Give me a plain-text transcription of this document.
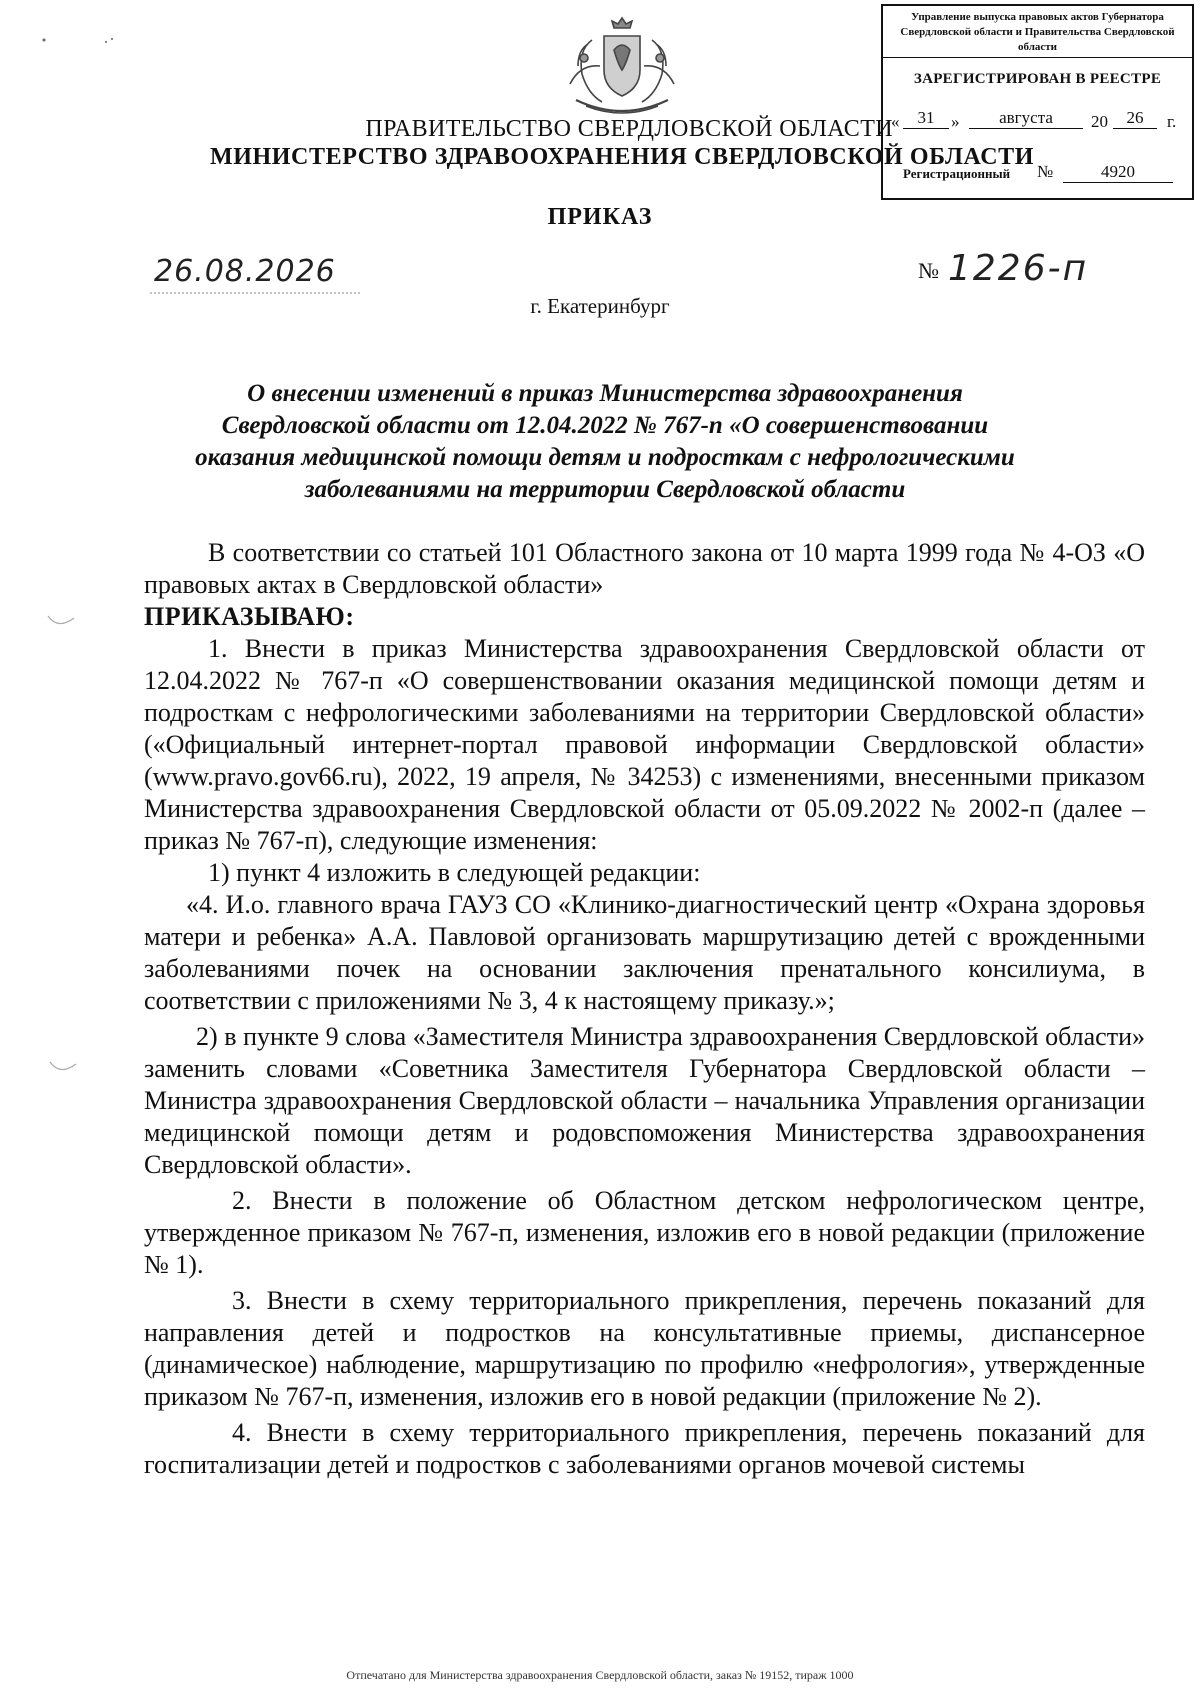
Управление выпуска правовых актов Губернатора Свердловской области и Правительства Свердловской области
ЗАРЕГИСТРИРОВАН В РЕЕСТРЕ
«	31 »	августа	20	26	г.
Регистрационный №	4920
ПРАВИТЕЛЬСТВО СВЕРДЛОВСКОЙ ОБЛАСТИ
МИНИСТЕРСТВО ЗДРАВООХРАНЕНИЯ СВЕРДЛОВСКОЙ ОБЛАСТИ
ПРИКАЗ
26.08.2026	№ 1226-п
г. Екатеринбург
О внесении изменений в приказ Министерства здравоохранения Свердловской области от 12.04.2022 № 767-п «О совершенствовании оказания медицинской помощи детям и подросткам с нефрологическими заболеваниями на территории Свердловской области

В соответствии со статьей 101 Областного закона от 10 марта 1999 года № 4-ОЗ «О правовых актах в Свердловской области»

ПРИКАЗЫВАЮ:

1. Внести в приказ Министерства здравоохранения Свердловской области от 12.04.2022 № 767-п «О совершенствовании оказания медицинской помощи детям и подросткам с нефрологическими заболеваниями на территории Свердловской области» («Официальный интернет-портал правовой информации Свердловской области» (www.pravo.gov66.ru), 2022, 19 апреля, № 34253) с изменениями, внесенными приказом Министерства здравоохранения Свердловской области от 05.09.2022 № 2002-п (далее – приказ № 767-п), следующие изменения:

1) пункт 4 изложить в следующей редакции:

«4. И.о. главного врача ГАУЗ СО «Клинико-диагностический центр «Охрана здоровья матери и ребенка» А.А. Павловой организовать маршрутизацию детей с врожденными заболеваниями почек на основании заключения пренатального консилиума, в соответствии с приложениями № 3, 4 к настоящему приказу.»;

2) в пункте 9 слова «Заместителя Министра здравоохранения Свердловской области» заменить словами «Советника Заместителя Губернатора Свердловской области – Министра здравоохранения Свердловской области – начальника Управления организации медицинской помощи детям и родовспоможения Министерства здравоохранения Свердловской области».

2. Внести в положение об Областном детском нефрологическом центре, утвержденное приказом № 767-п, изменения, изложив его в новой редакции (приложение № 1).

3. Внести в схему территориального прикрепления, перечень показаний для направления детей и подростков на консультативные приемы, диспансерное (динамическое) наблюдение, маршрутизацию по профилю «нефрология», утвержденные приказом № 767-п, изменения, изложив его в новой редакции (приложение № 2).

4. Внести в схему территориального прикрепления, перечень показаний для госпитализации детей и подростков с заболеваниями органов мочевой системы

Отпечатано для Министерства здравоохранения Свердловской области, заказ № 19152, тираж 1000
